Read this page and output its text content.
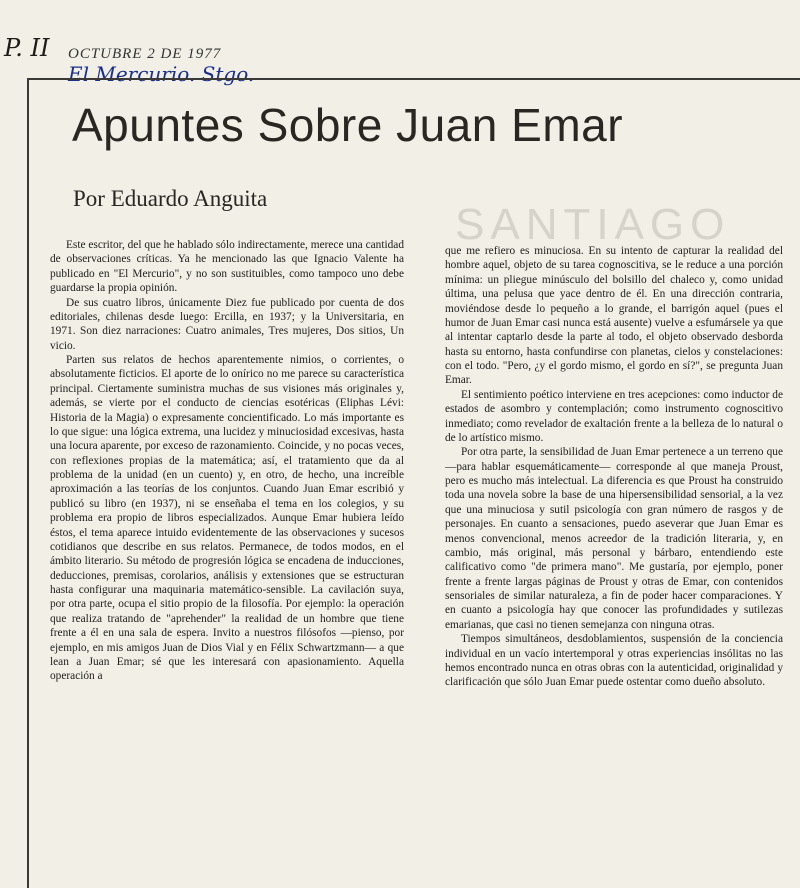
P. II OCTUBRE 2 DE 1977
El Mercurio. Stgo.
SANTIAGO
Apuntes Sobre Juan Emar
Por Eduardo Anguita

Este escritor, del que he hablado sólo indirectamente, merece una cantidad de observaciones críticas. Ya he mencionado las que Ignacio Valente ha publicado en "El Mercurio", y no son sustituibles, como tampoco uno debe guardarse la propia opinión.

De sus cuatro libros, únicamente Diez fue publicado por cuenta de dos editoriales, chilenas desde luego: Ercilla, en 1937; y la Universitaria, en 1971. Son diez narraciones: Cuatro animales, Tres mujeres, Dos sitios, Un vicio.

Parten sus relatos de hechos aparentemente nimios, o corrientes, o absolutamente ficticios. El aporte de lo onírico no me parece su característica principal. Ciertamente suministra muchas de sus visiones más originales y, además, se vierte por el conducto de ciencias esotéricas (Eliphas Lévi: Historia de la Magia) o expresamente concientificado. Lo más importante es lo que sigue: una lógica extrema, una lucidez y minuciosidad excesivas, hasta una locura aparente, por exceso de razonamiento. Coincide, y no pocas veces, con reflexiones propias de la matemática; así, el tratamiento que da al problema de la unidad (en un cuento) y, en otro, de hecho, una increíble aproximación a las teorías de los conjuntos. Cuando Juan Emar escribió y publicó su libro (en 1937), ni se enseñaba el tema en los colegios, y su problema era propio de libros especializados. Aunque Emar hubiera leído éstos, el tema aparece intuido evidentemente de las observaciones y sucesos cotidianos que describe en sus relatos. Permanece, de todos modos, en el ámbito literario. Su método de progresión lógica se encadena de inducciones, deducciones, premisas, corolarios, análisis y extensiones que se estructuran hasta configurar una maquinaria matemático-sensible. La cavilación suya, por otra parte, ocupa el sitio propio de la filosofía. Por ejemplo: la operación que realiza tratando de "aprehender" la realidad de un hombre que tiene frente a él en una sala de espera. Invito a nuestros filósofos —pienso, por ejemplo, en mis amigos Juan de Dios Vial y en Félix Schwartzmann— a que lean a Juan Emar; sé que les interesará con apasionamiento. Aquella operación a

que me refiero es minuciosa. En su intento de capturar la realidad del hombre aquel, objeto de su tarea cognoscitiva, se le reduce a una porción mínima: un pliegue minúsculo del bolsillo del chaleco y, como unidad última, una pelusa que yace dentro de él. En una dirección contraria, moviéndose desde lo pequeño a lo grande, el barrigón aquel (pues el humor de Juan Emar casi nunca está ausente) vuelve a esfumársele ya que al intentar captarlo desde la parte al todo, el objeto observado desborda hasta su entorno, hasta confundirse con planetas, cielos y constelaciones: con el todo. "Pero, ¿y el gordo mismo, el gordo en sí?", se pregunta Juan Emar.

El sentimiento poético interviene en tres acepciones: como inductor de estados de asombro y contemplación; como instrumento cognoscitivo inmediato; como revelador de exaltación frente a la belleza de lo natural o de lo artístico mismo.

Por otra parte, la sensibilidad de Juan Emar pertenece a un terreno que —para hablar esquemáticamente— corresponde al que maneja Proust, pero es mucho más intelectual. La diferencia es que Proust ha construido toda una novela sobre la base de una hipersensibilidad sensorial, a la vez que una minuciosa y sutil psicología con gran número de rasgos y de personajes. En cuanto a sensaciones, puedo aseverar que Juan Emar es menos convencional, menos acreedor de la tradición literaria, y, en cambio, más original, más personal y bárbaro, entendiendo este calificativo como "de primera mano". Me gustaría, por ejemplo, poner frente a frente largas páginas de Proust y otras de Emar, con contenidos sensoriales de similar naturaleza, a fin de poder hacer comparaciones. Y en cuanto a psicología hay que conocer las profundidades y sutilezas emarianas, que casi no tienen semejanza con ninguna otras.

Tiempos simultáneos, desdoblamientos, suspensión de la conciencia individual en un vacío intertemporal y otras experiencias insólitas no las hemos encontrado nunca en otras obras con la autenticidad, originalidad y clarificación que sólo Juan Emar puede ostentar como dueño absoluto.
